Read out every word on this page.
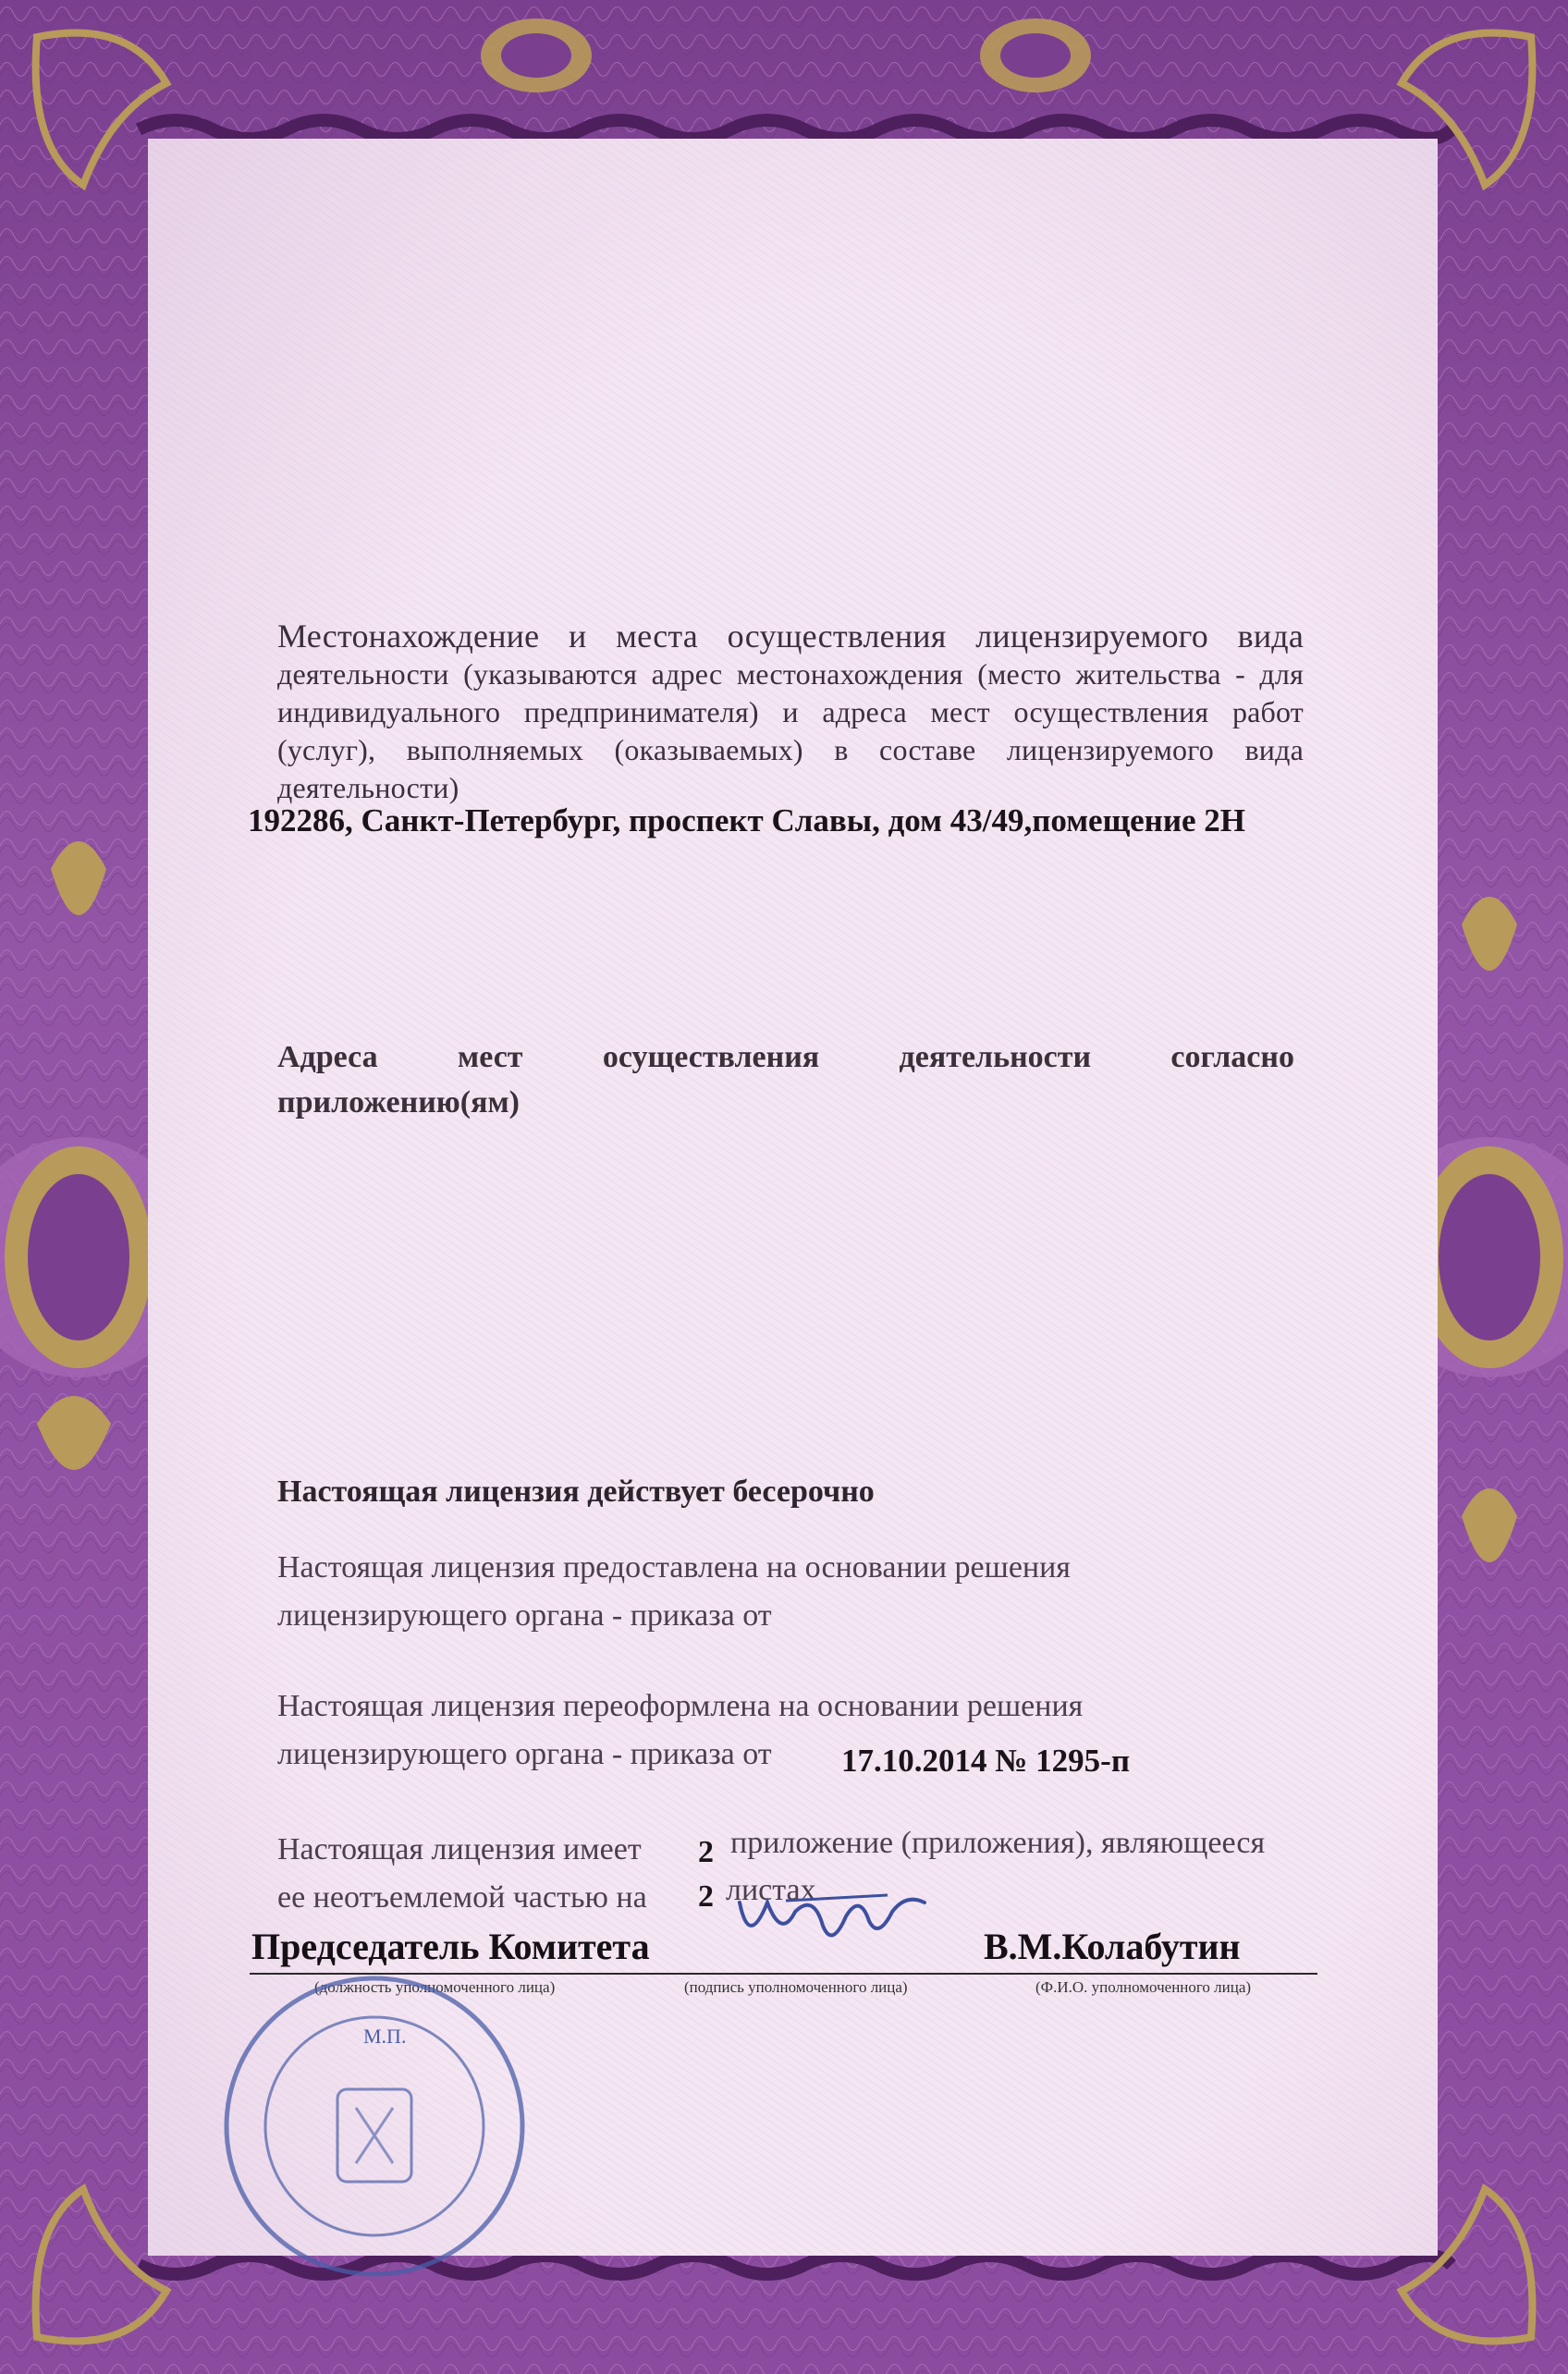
Местонахождение и места осуществления лицензируемого вида
деятельности (указываются адрес местонахождения (место жительства - для индивидуального предпринимателя) и адреса мест осуществления работ (услуг), выполняемых (оказываемых) в составе лицензируемого вида деятельности)
192286, Санкт-Петербург, проспект Славы, дом 43/49,помещение 2Н
Адреса мест осуществления деятельности согласно
приложению(ям)
Настоящая лицензия действует бесерочно
Настоящая лицензия предоставлена на основании решения
лицензирующего органа - приказа от
Настоящая лицензия переоформлена на основании решения
лицензирующего органа - приказа от	17.10.2014 № 1295-п
Настоящая лицензия имеет
ее неотъемлемой частью на
2
2
приложение (приложения), являющееся
листах
Председатель Комитета	В.М.Колабутин
(должность уполномоченного лица)	(подпись уполномоченного лица)	(Ф.И.О. уполномоченного лица)
М.П.
